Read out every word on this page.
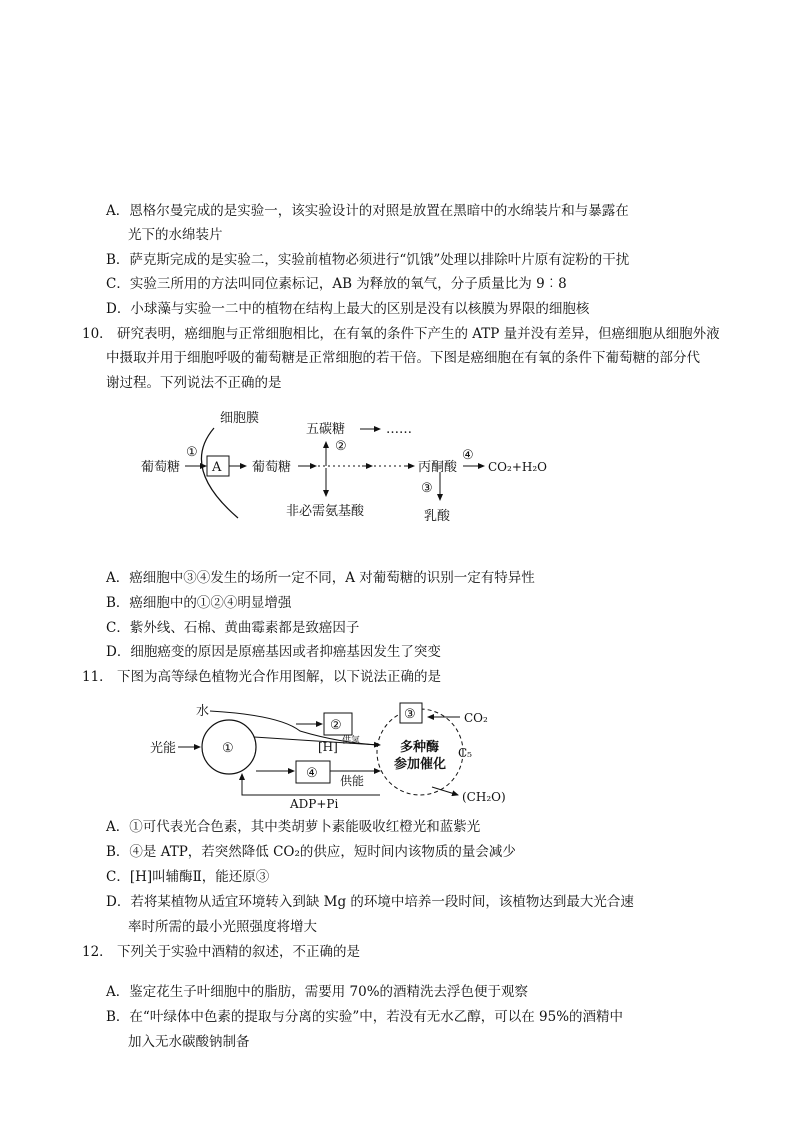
A．恩格尔曼完成的是实验一，该实验设计的对照是放置在黑暗中的水绵装片和与暴露在
光下的水绵装片
B．萨克斯完成的是实验二，实验前植物必须进行“饥饿”处理以排除叶片原有淀粉的干扰
C．实验三所用的方法叫同位素标记，AB 为释放的氧气，分子质量比为 9︰8
D．小球藻与实验一二中的植物在结构上最大的区别是没有以核膜为界限的细胞核
10． 研究表明，癌细胞与正常细胞相比，在有氧的条件下产生的 ATP 量并没有差异，但癌细胞从细胞外液
中摄取并用于细胞呼吸的葡萄糖是正常细胞的若干倍。下图是癌细胞在有氧的条件下葡萄糖的部分代
谢过程。下列说法不正确的是
细胞膜
葡萄糖
①
A 葡萄糖
五碳糖
②
……
非必需氨基酸
丙酮酸
④
CO₂+H₂O
③
乳酸
A．癌细胞中③④发生的场所一定不同，A 对葡萄糖的识别一定有特异性
B．癌细胞中的①②④明显增强
C．紫外线、石棉、黄曲霉素都是致癌因子
D．细胞癌变的原因是原癌基因或者抑癌基因发生了突变
11． 下图为高等绿色植物光合作用图解，以下说法正确的是
水
②
光能	①	[H] 供氢
④ 供能
ADP+Pi
多种酶
参加催化
③	CO₂
C₅
(CH₂O)
A．①可代表光合色素，其中类胡萝卜素能吸收红橙光和蓝紫光
B．④是 ATP，若突然降低 CO₂的供应，短时间内该物质的量会减少
C．[H]叫辅酶Ⅱ，能还原③
D．若将某植物从适宜环境转入到缺 Mg 的环境中培养一段时间，该植物达到最大光合速
率时所需的最小光照强度将增大
12． 下列关于实验中酒精的叙述，不正确的是
A．鉴定花生子叶细胞中的脂肪，需要用 70%的酒精洗去浮色便于观察
B．在“叶绿体中色素的提取与分离的实验”中，若没有无水乙醇，可以在 95%的酒精中
加入无水碳酸钠制备
